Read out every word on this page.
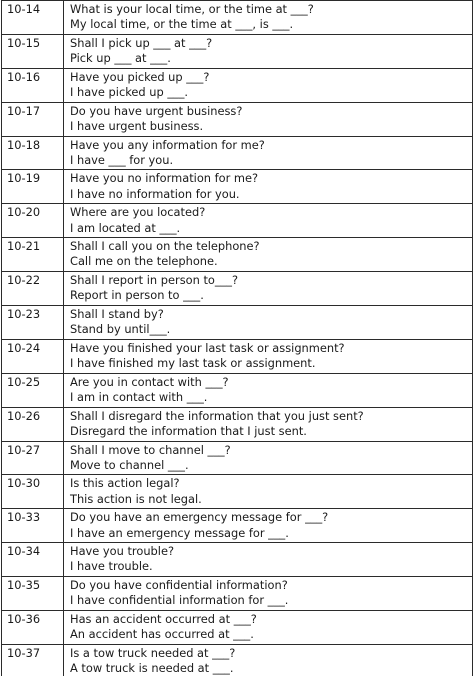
10-14	What is your local time, or the time at ___?
My local time, or the time at ___, is ___.

10-15	Shall I pick up ___ at ___?
Pick up ___ at ___.

10-16	Have you picked up ___?
I have picked up ___.

10-17	Do you have urgent business?
I have urgent business.

10-18	Have you any information for me?
I have ___ for you.

10-19	Have you no information for me?
I have no information for you.

10-20	Where are you located?
I am located at ___.

10-21	Shall I call you on the telephone?
Call me on the telephone.

10-22	Shall I report in person to___?
Report in person to ___.

10-23	Shall I stand by?
Stand by until___.

10-24	Have you finished your last task or assignment?
I have finished my last task or assignment.

10-25	Are you in contact with ___?
I am in contact with ___.

10-26	Shall I disregard the information that you just sent?
Disregard the information that I just sent.

10-27	Shall I move to channel ___?
Move to channel ___.

10-30	Is this action legal?
This action is not legal.

10-33	Do you have an emergency message for ___?
I have an emergency message for ___.

10-34	Have you trouble?
I have trouble.

10-35	Do you have confidential information?
I have confidential information for ___.

10-36	Has an accident occurred at ___?
An accident has occurred at ___.

10-37	Is a tow truck needed at ___?
A tow truck is needed at ___.
